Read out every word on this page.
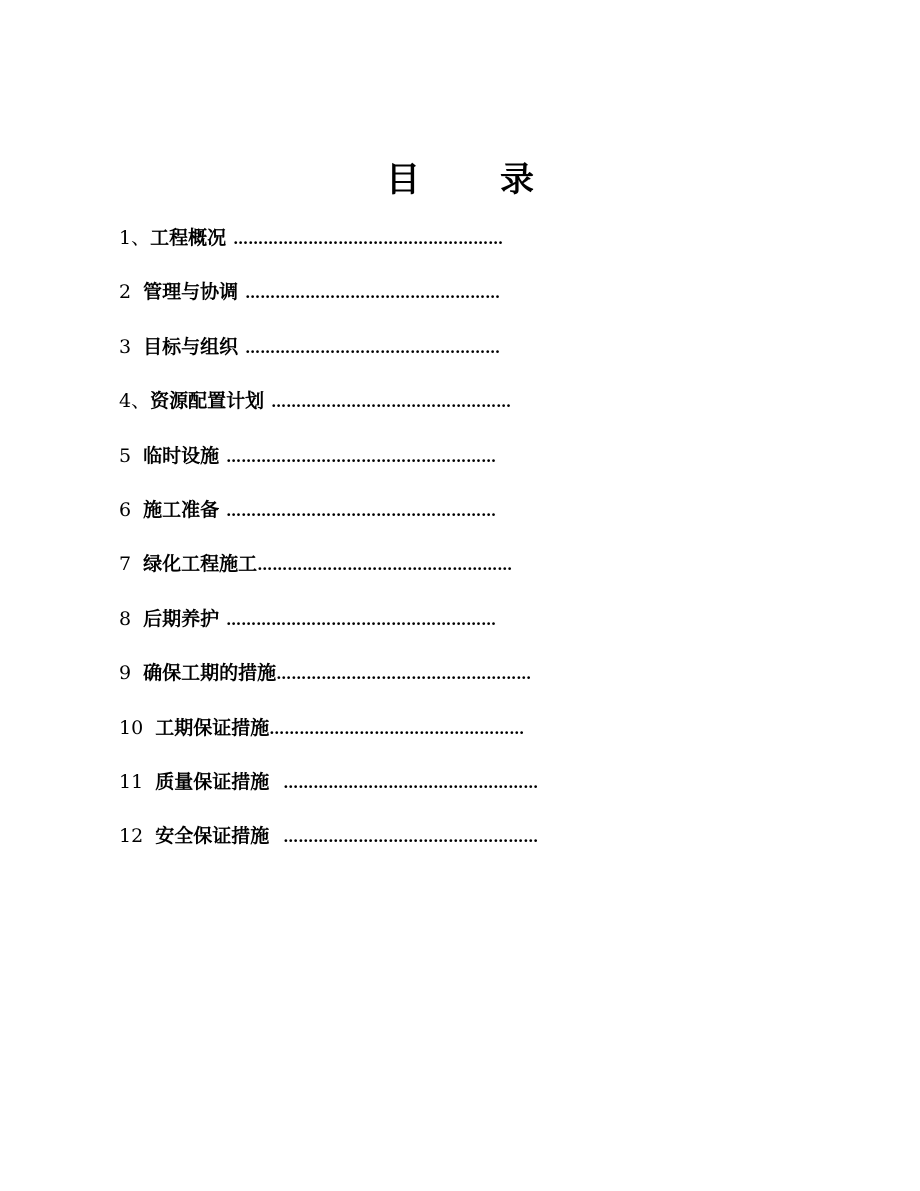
目 录
1、工程概况 ………………………………………………
2  管理与协调 ……………………………………………
3  目标与组织 ……………………………………………
4、资源配置计划 …………………………………………
5  临时设施 ………………………………………………
6  施工准备 ………………………………………………
7  绿化工程施工……………………………………………
8  后期养护 ………………………………………………
9  确保工期的措施……………………………………………
10  工期保证措施……………………………………………
11  质量保证措施 ……………………………………………
12  安全保证措施 ……………………………………………
